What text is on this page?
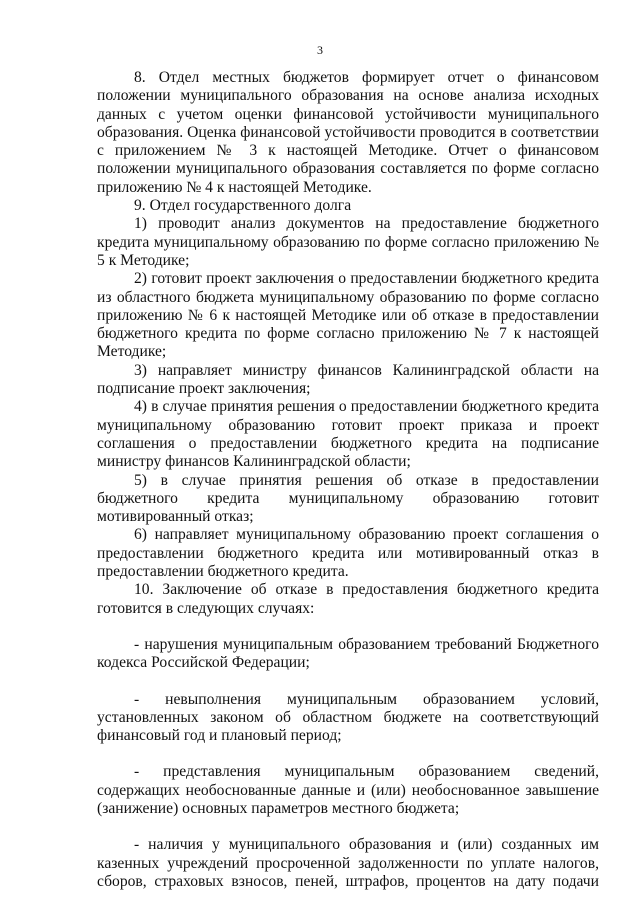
3

8. Отдел местных бюджетов формирует отчет о финансовом положении муниципального образования на основе анализа исходных данных с учетом оценки финансовой устойчивости муниципального образования. Оценка финансовой устойчивости проводится в соответствии с приложением № 3 к настоящей Методике. Отчет о финансовом положении муниципального образования составляется по форме согласно приложению № 4 к настоящей Методике.

9. Отдел государственного долга

1) проводит анализ документов на предоставление бюджетного кредита муниципальному образованию по форме согласно приложению № 5 к Методике;

2) готовит проект заключения о предоставлении бюджетного кредита из областного бюджета муниципальному образованию по форме согласно приложению № 6 к настоящей Методике или об отказе в предоставлении бюджетного кредита по форме согласно приложению № 7 к настоящей Методике;

3) направляет министру финансов Калининградской области на подписание проект заключения;

4) в случае принятия решения о предоставлении бюджетного кредита муниципальному образованию готовит проект приказа и проект соглашения о предоставлении бюджетного кредита на подписание министру финансов Калининградской области;

5) в случае принятия решения об отказе в предоставлении бюджетного кредита муниципальному образованию готовит мотивированный отказ;

6) направляет муниципальному образованию проект соглашения о предоставлении бюджетного кредита или мотивированный отказ в предоставлении бюджетного кредита.

10. Заключение об отказе в предоставления бюджетного кредита готовится в следующих случаях:

- нарушения муниципальным образованием требований Бюджетного кодекса Российской Федерации;

- невыполнения муниципальным образованием условий, установленных законом об областном бюджете на соответствующий финансовый год и плановый период;

- представления муниципальным образованием сведений, содержащих необоснованные данные и (или) необоснованное завышение (занижение) основных параметров местного бюджета;

- наличия у муниципального образования и (или) созданных им казенных учреждений просроченной задолженности по уплате налогов, сборов, страховых взносов, пеней, штрафов, процентов на дату подачи
